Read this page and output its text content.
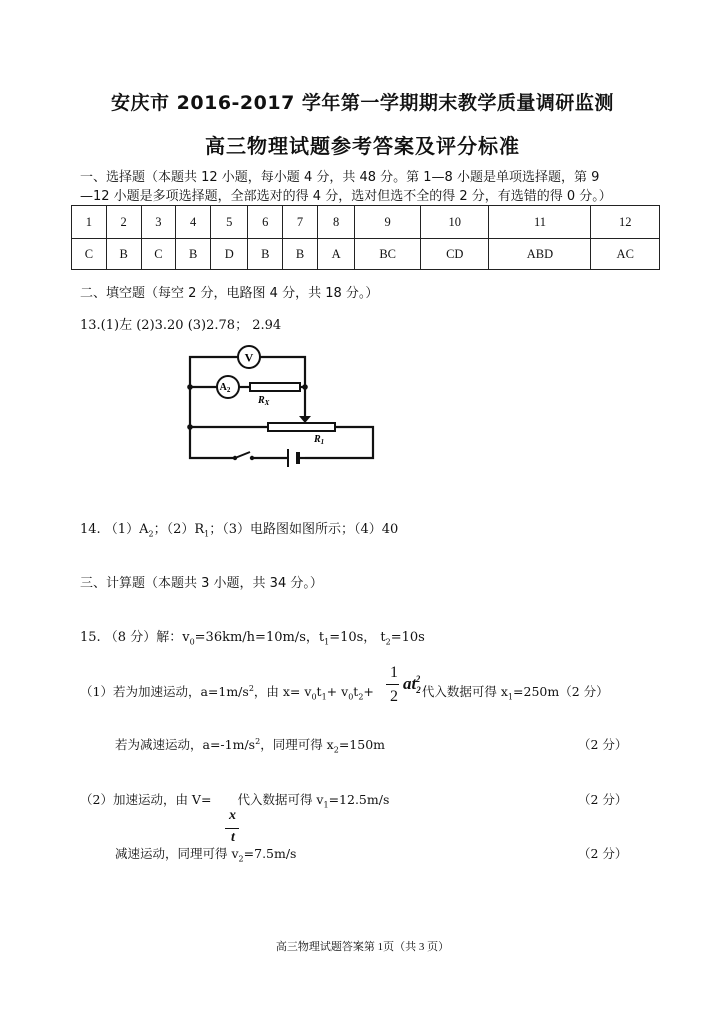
安庆市 2016-2017 学年第一学期期末教学质量调研监测
高三物理试题参考答案及评分标准
一、选择题（本题共 12 小题，每小题 4 分，共 48 分。第 1—8 小题是单项选择题，第 9
—12 小题是多项选择题，全部选对的得 4 分，选对但选不全的得 2 分，有选错的得 0 分。）
1	2	3	4	5	6	7	8	9	10	11	12
C	B	C	B	D	B	B	A	BC	CD	ABD	AC
二、填空题（每空 2 分，电路图 4 分，共 18 分。）
13.(1)左 (2)3.20 (3)2.78； 2.94
V
$A_2$
$R_X$
$R_1$
14. $(1)A_2$；$(2)R_1$；（3）电路图如图所示；（4）40
三、计算题（本题共 3 小题，共 34 分。）
15. （8 分）解：$v_0=36km/h=10m/s$，$t_1=10s$， $t_2=10s$
（1）若为加速运动，$a=1m/s^2$，由 $x= v_0t_1+ v_0t_2+$	代入数据可得 $x_1=250m(2$ 分）
1
2
$at_2^2$
若为减速运动，$a=-1m/s^2$，同理可得 $x_2=150m$	（2 分）
（2）加速运动，由 V= 代入数据可得 $v_1=12.5m/s$	（2 分）
x
t
减速运动，同理可得 $v_2=7.5m/s$	（2 分）
高三物理试题答案第 1页（共 3 页）
